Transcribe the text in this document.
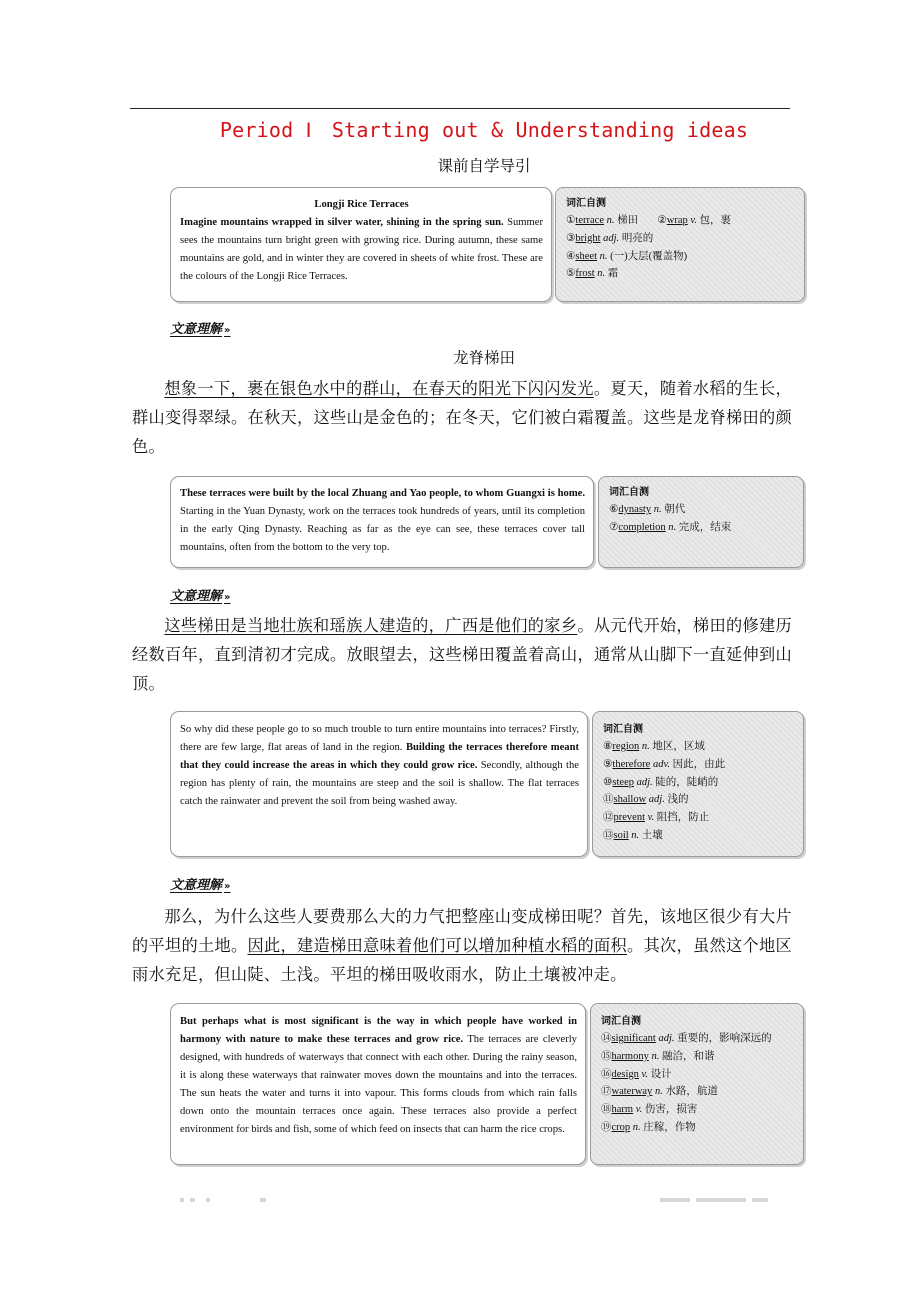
Period Ⅰ　Starting out & Understanding ideas
课前自学导引
Longji Rice Terraces
Imagine mountains wrapped in silver water, shining in the spring sun. Summer sees the mountains turn bright green with growing rice. During autumn, these same mountains are gold, and in winter they are covered in sheets of white frost. These are the colours of the Longji Rice Terraces.
词汇自测
①terrace n. 梯田 ②wrap v. 包，裹
③bright adj. 明亮的
④sheet n. (一)大层(覆盖物)
⑤frost n. 霜
文意理解 »
龙脊梯田
想象一下，裹在银色水中的群山，在春天的阳光下闪闪发光。夏天，随着水稻的生长，群山变得翠绿。在秋天，这些山是金色的；在冬天，它们被白霜覆盖。这些是龙脊梯田的颜色。
These terraces were built by the local Zhuang and Yao people, to whom Guangxi is home. Starting in the Yuan Dynasty, work on the terraces took hundreds of years, until its completion in the early Qing Dynasty. Reaching as far as the eye can see, these terraces cover tall mountains, often from the bottom to the very top.
词汇自测
⑥dynasty n. 朝代
⑦completion n. 完成，结束
文意理解 »
这些梯田是当地壮族和瑶族人建造的，广西是他们的家乡。从元代开始，梯田的修建历经数百年，直到清初才完成。放眼望去，这些梯田覆盖着高山，通常从山脚下一直延伸到山顶。
So why did these people go to so much trouble to turn entire mountains into terraces? Firstly, there are few large, flat areas of land in the region. Building the terraces therefore meant that they could increase the areas in which they could grow rice. Secondly, although the region has plenty of rain, the mountains are steep and the soil is shallow. The flat terraces catch the rainwater and prevent the soil from being washed away.
词汇自测
⑧region n. 地区，区域
⑨therefore adv. 因此，由此
⑩steep adj. 陡的，陡峭的
⑪shallow adj. 浅的
⑫prevent v. 阻挡，防止
⑬soil n. 土壤
文意理解 »
那么，为什么这些人要费那么大的力气把整座山变成梯田呢？首先，该地区很少有大片的平坦的土地。因此，建造梯田意味着他们可以增加种植水稻的面积。其次，虽然这个地区雨水充足，但山陡、土浅。平坦的梯田吸收雨水，防止土壤被冲走。
But perhaps what is most significant is the way in which people have worked in harmony with nature to make these terraces and grow rice. The terraces are cleverly designed, with hundreds of waterways that connect with each other. During the rainy season, it is along these waterways that rainwater moves down the mountains and into the terraces. The sun heats the water and turns it into vapour. This forms clouds from which rain falls down onto the mountain terraces once again. These terraces also provide a perfect environment for birds and fish, some of which feed on insects that can harm the rice crops.
词汇自测
⑭significant adj. 重要的，影响深远的
⑮harmony n. 融洽，和谐
⑯design v. 设计
⑰waterway n. 水路，航道
⑱harm v. 伤害，损害
⑲crop n. 庄稼，作物
